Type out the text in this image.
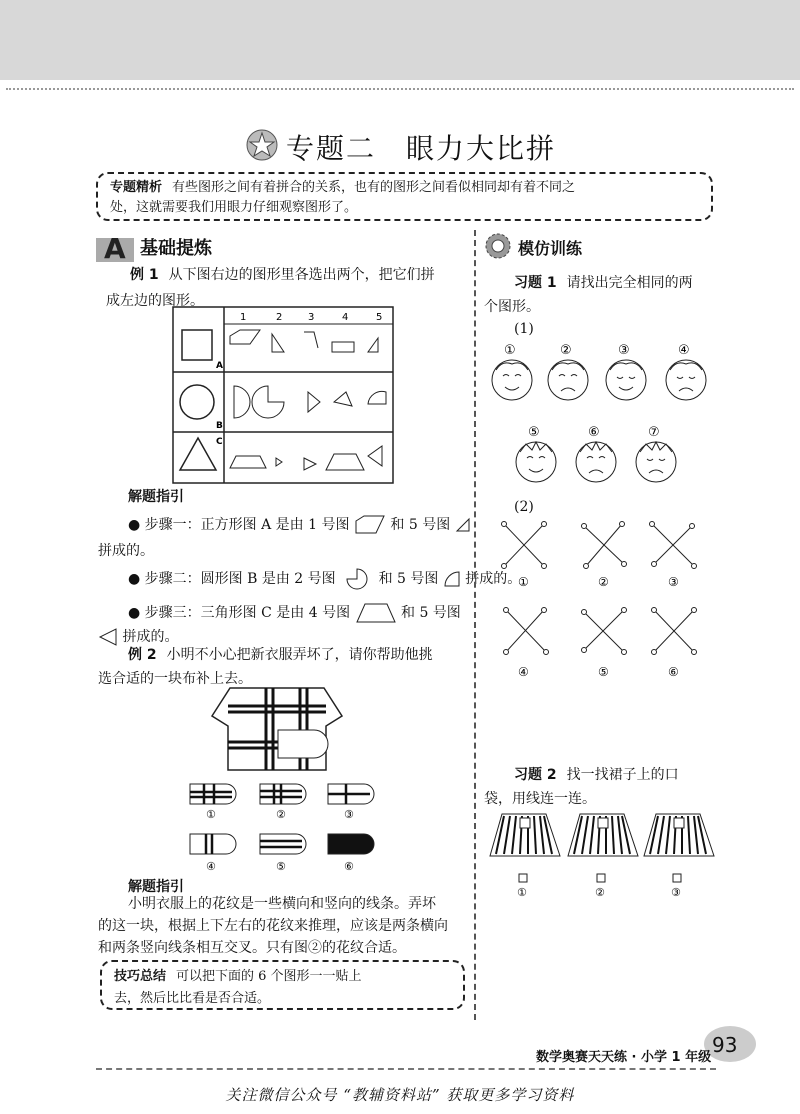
专题二　眼力大比拼
专题精析 有些图形之间有着拼合的关系，也有的图形之间看似相同却有着不同之
处，这就需要我们用眼力仔细观察图形了。
A 基础提炼
例 1 从下图右边的图形里各选出两个，把它们拼
成左边的图形。
1	2	3	4	5
A
B
C
解题指引
● 步骤一：正方形图 A 是由 1 号图	和 5 号图
拼成的。
● 步骤二：圆形图 B 是由 2 号图	和 5 号图 拼成的。
● 步骤三：三角形图 C 是由 4 号图	和 5 号图
拼成的。
例 2 小明不小心把新衣服弄坏了，请你帮助他挑
选合适的一块布补上去。
①	②	③
④	⑤	⑥
解题指引
小明衣服上的花纹是一些横向和竖向的线条。弄坏
的这一块，根据上下左右的花纹来推理，应该是两条横向
和两条竖向线条相互交叉。只有图②的花纹合适。
技巧总结 可以把下面的 6 个图形一一贴上
去，然后比比看是否合适。
模仿训练
习题 1 请找出完全相同的两
个图形。
(1)
①	②	③	④
⑤	⑥	⑦
(2)
①	②	③
④	⑤	⑥
习题 2 找一找裙子上的口
袋，用线连一连。
①	②	③
93
数学奥赛天天练 · 小学 1 年级
关注微信公众号 “教辅资料站” 获取更多学习资料
